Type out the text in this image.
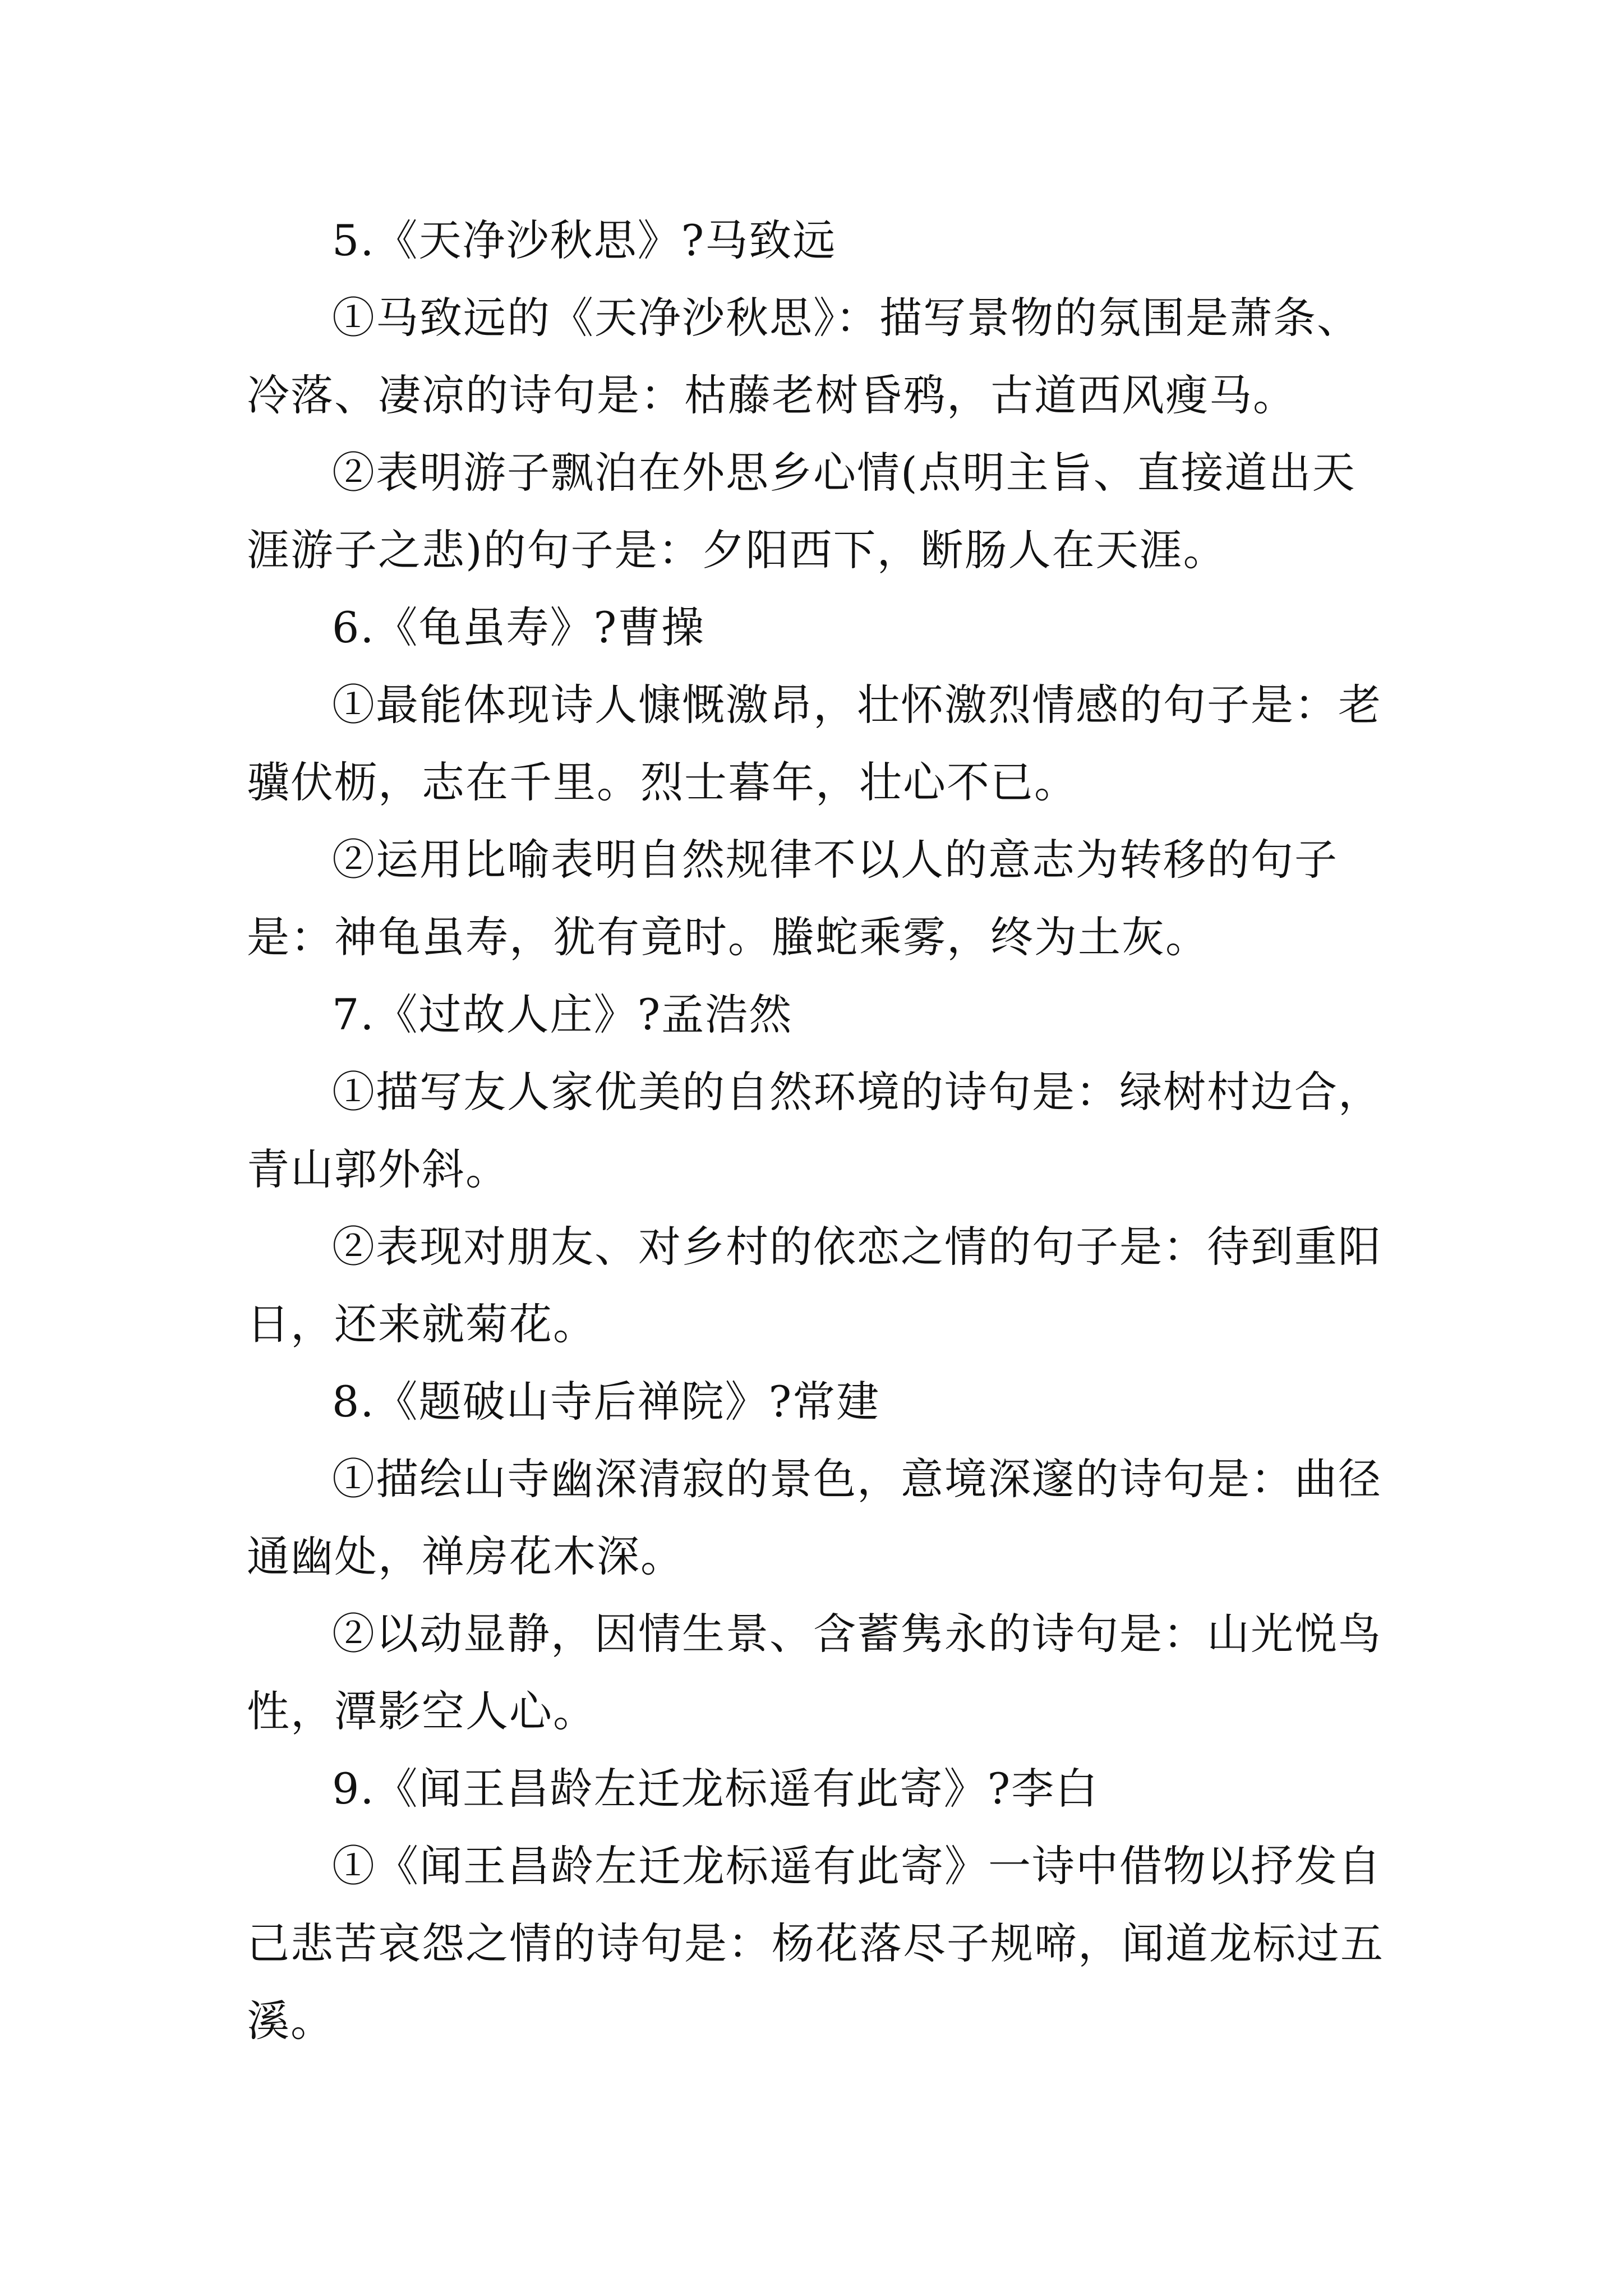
5.《天净沙秋思》?马致远

①马致远的《天净沙秋思》：描写景物的氛围是萧条、
冷落、凄凉的诗句是：枯藤老树昏鸦，古道西风瘦马。

②表明游子飘泊在外思乡心情(点明主旨、直接道出天
涯游子之悲)的句子是：夕阳西下，断肠人在天涯。

6.《龟虽寿》?曹操

①最能体现诗人慷慨激昂，壮怀激烈情感的句子是：老
骥伏枥，志在千里。烈士暮年，壮心不已。

②运用比喻表明自然规律不以人的意志为转移的句子
是：神龟虽寿，犹有竟时。螣蛇乘雾，终为土灰。

7.《过故人庄》?孟浩然

①描写友人家优美的自然环境的诗句是：绿树村边合，
青山郭外斜。

②表现对朋友、对乡村的依恋之情的句子是：待到重阳
日，还来就菊花。

8.《题破山寺后禅院》?常建

①描绘山寺幽深清寂的景色，意境深邃的诗句是：曲径
通幽处，禅房花木深。

②以动显静，因情生景、含蓄隽永的诗句是：山光悦鸟
性，潭影空人心。

9.《闻王昌龄左迁龙标遥有此寄》?李白

①《闻王昌龄左迁龙标遥有此寄》一诗中借物以抒发自
己悲苦哀怨之情的诗句是：杨花落尽子规啼，闻道龙标过五
溪。
